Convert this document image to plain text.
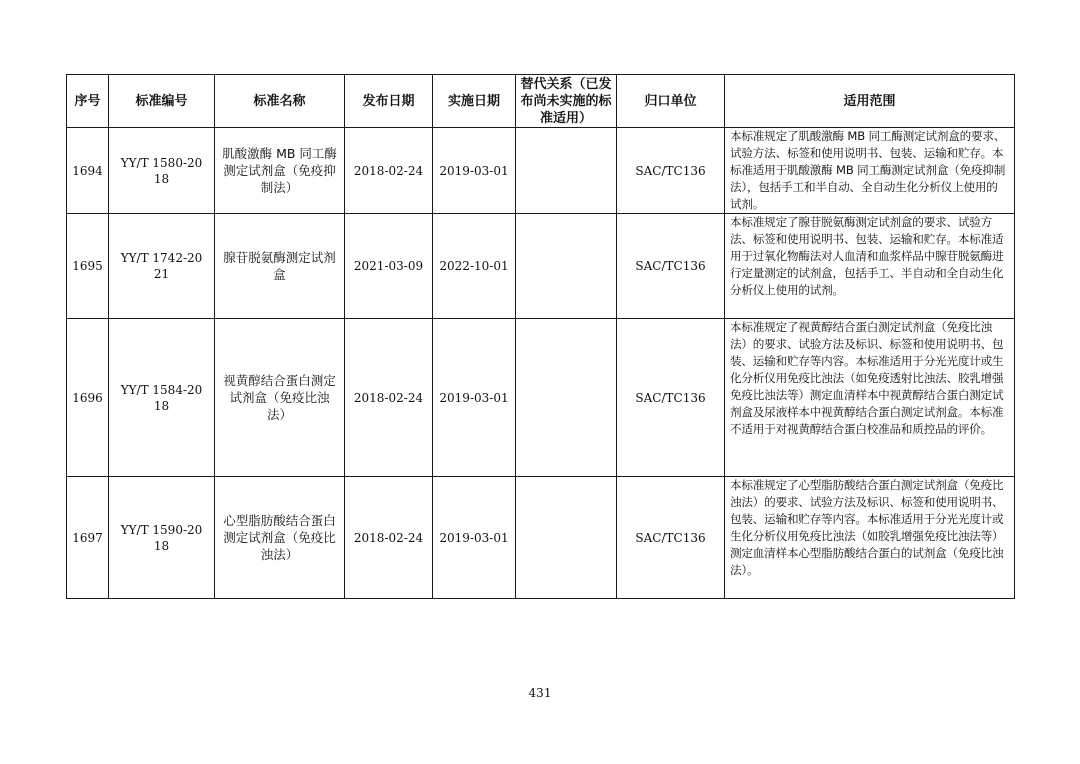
序号	标准编号	标准名称	发布日期	实施日期	替代关系（已发布尚未实施的标准适用）	归口单位	适用范围
1694	YY/T 1580-2018	肌酸激酶 MB 同工酶测定试剂盒（免疫抑制法）	2018-02-24	2019-03-01		SAC/TC136	本标准规定了肌酸激酶 MB 同工酶测定试剂盒的要求、试验方法、标签和使用说明书、包装、运输和贮存。本标准适用于肌酸激酶 MB 同工酶测定试剂盒（免疫抑制法），包括手工和半自动、全自动生化分析仪上使用的试剂。
1695	YY/T 1742-2021	腺苷脱氨酶测定试剂盒	2021-03-09	2022-10-01		SAC/TC136	本标准规定了腺苷脱氨酶测定试剂盒的要求、试验方法、标签和使用说明书、包装、运输和贮存。本标准适用于过氧化物酶法对人血清和血浆样品中腺苷脱氨酶进行定量测定的试剂盒，包括手工、半自动和全自动生化分析仪上使用的试剂。
1696	YY/T 1584-2018	视黄醇结合蛋白测定试剂盒（免疫比浊法）	2018-02-24	2019-03-01		SAC/TC136	本标准规定了视黄醇结合蛋白测定试剂盒（免疫比浊法）的要求、试验方法及标识、标签和使用说明书、包装、运输和贮存等内容。本标准适用于分光光度计或生化分析仪用免疫比浊法（如免疫透射比浊法、胶乳增强免疫比浊法等）测定血清样本中视黄醇结合蛋白测定试剂盒及尿液样本中视黄醇结合蛋白测定试剂盒。本标准不适用于对视黄醇结合蛋白校准品和质控品的评价。
1697	YY/T 1590-2018	心型脂肪酸结合蛋白测定试剂盒（免疫比浊法）	2018-02-24	2019-03-01		SAC/TC136	本标准规定了心型脂肪酸结合蛋白测定试剂盒（免疫比浊法）的要求、试验方法及标识、标签和使用说明书、包装、运输和贮存等内容。本标准适用于分光光度计或生化分析仪用免疫比浊法（如胶乳增强免疫比浊法等）测定血清样本心型脂肪酸结合蛋白的试剂盒（免疫比浊法）。
431
